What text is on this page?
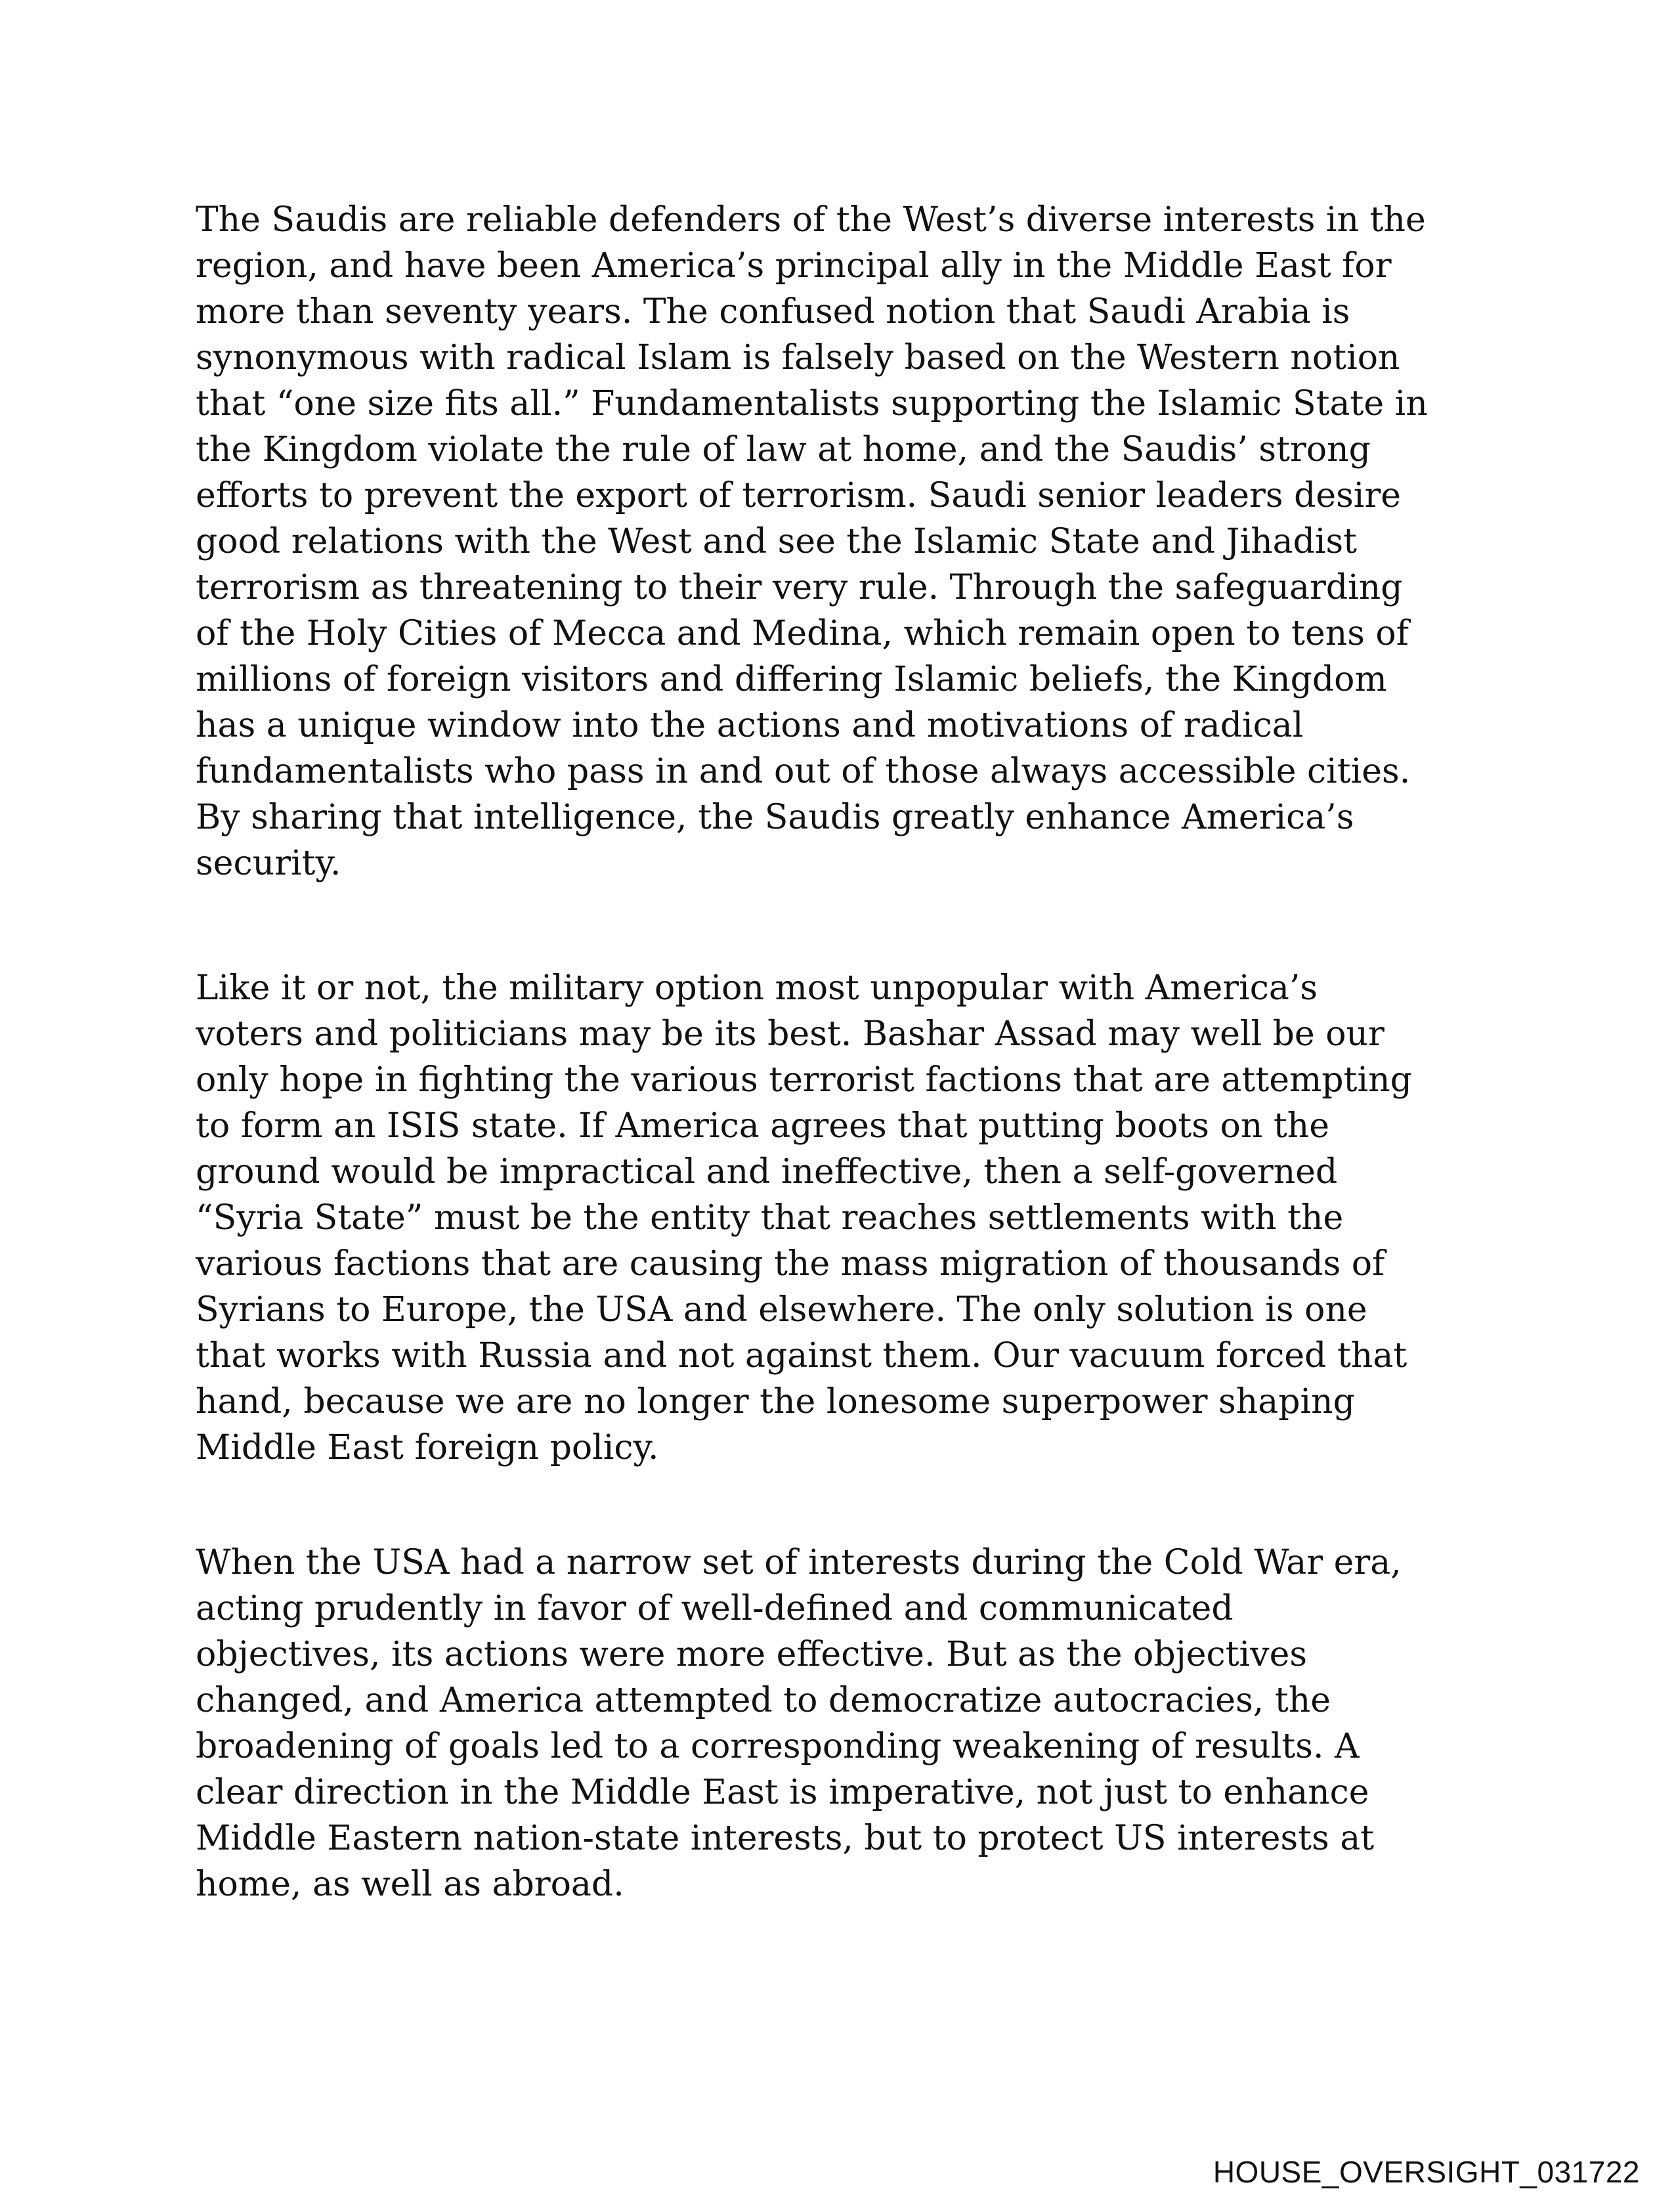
The Saudis are reliable defenders of the West’s diverse interests in the
region, and have been America’s principal ally in the Middle East for
more than seventy years. The confused notion that Saudi Arabia is
synonymous with radical Islam is falsely based on the Western notion
that “one size fits all.” Fundamentalists supporting the Islamic State in
the Kingdom violate the rule of law at home, and the Saudis’ strong
efforts to prevent the export of terrorism. Saudi senior leaders desire
good relations with the West and see the Islamic State and Jihadist
terrorism as threatening to their very rule. Through the safeguarding
of the Holy Cities of Mecca and Medina, which remain open to tens of
millions of foreign visitors and differing Islamic beliefs, the Kingdom
has a unique window into the actions and motivations of radical
fundamentalists who pass in and out of those always accessible cities.
By sharing that intelligence, the Saudis greatly enhance America’s
security.

Like it or not, the military option most unpopular with America’s
voters and politicians may be its best. Bashar Assad may well be our
only hope in fighting the various terrorist factions that are attempting
to form an ISIS state. If America agrees that putting boots on the
ground would be impractical and ineffective, then a self-governed
“Syria State” must be the entity that reaches settlements with the
various factions that are causing the mass migration of thousands of
Syrians to Europe, the USA and elsewhere. The only solution is one
that works with Russia and not against them. Our vacuum forced that
hand, because we are no longer the lonesome superpower shaping
Middle East foreign policy.

When the USA had a narrow set of interests during the Cold War era,
acting prudently in favor of well-defined and communicated
objectives, its actions were more effective. But as the objectives
changed, and America attempted to democratize autocracies, the
broadening of goals led to a corresponding weakening of results. A
clear direction in the Middle East is imperative, not just to enhance
Middle Eastern nation-state interests, but to protect US interests at
home, as well as abroad.

HOUSE_OVERSIGHT_031722
